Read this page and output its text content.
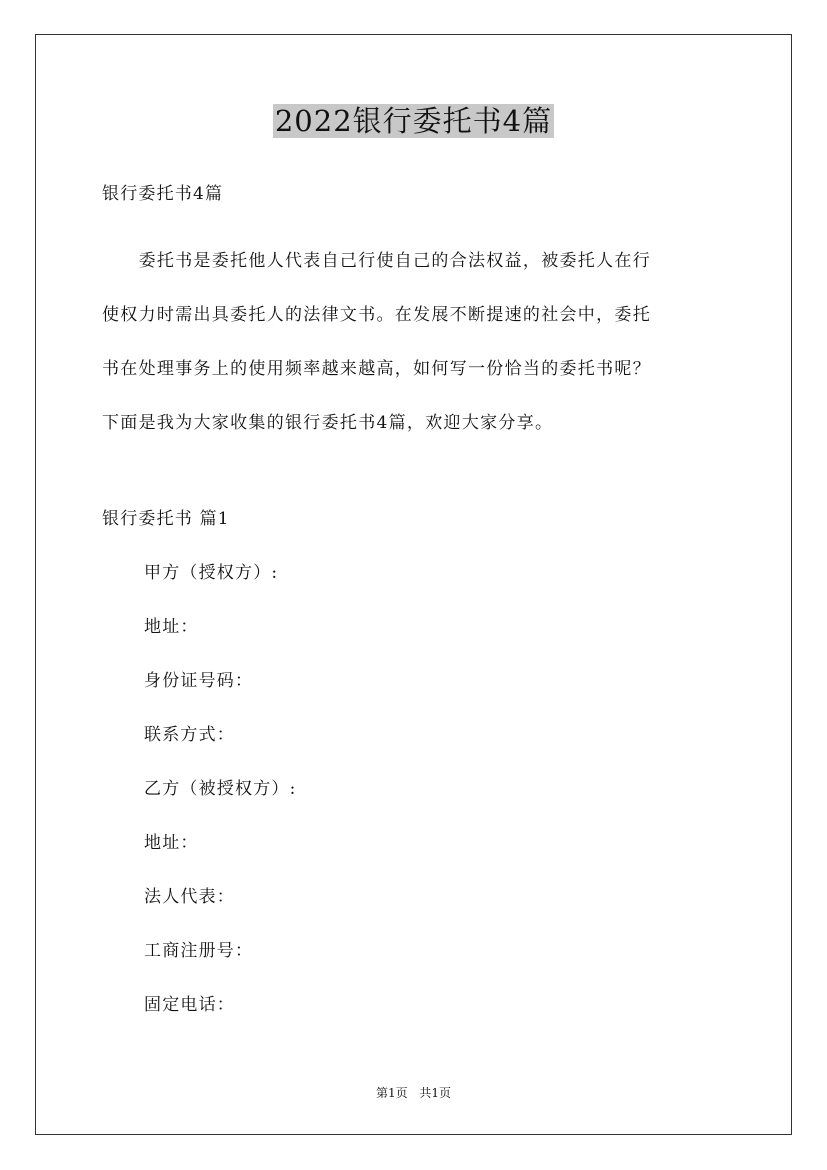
2022银行委托书4篇
银行委托书4篇

　　委托书是委托他人代表自己行使自己的合法权益，被委托人在行

使权力时需出具委托人的法律文书。在发展不断提速的社会中，委托

书在处理事务上的使用频率越来越高，如何写一份恰当的委托书呢？

下面是我为大家收集的银行委托书4篇，欢迎大家分享。

银行委托书 篇1
甲方（授权方）:
地址：
身份证号码：
联系方式：
乙方（被授权方）:
地址：
法人代表：
工商注册号：
固定电话：
第1页 共1页
